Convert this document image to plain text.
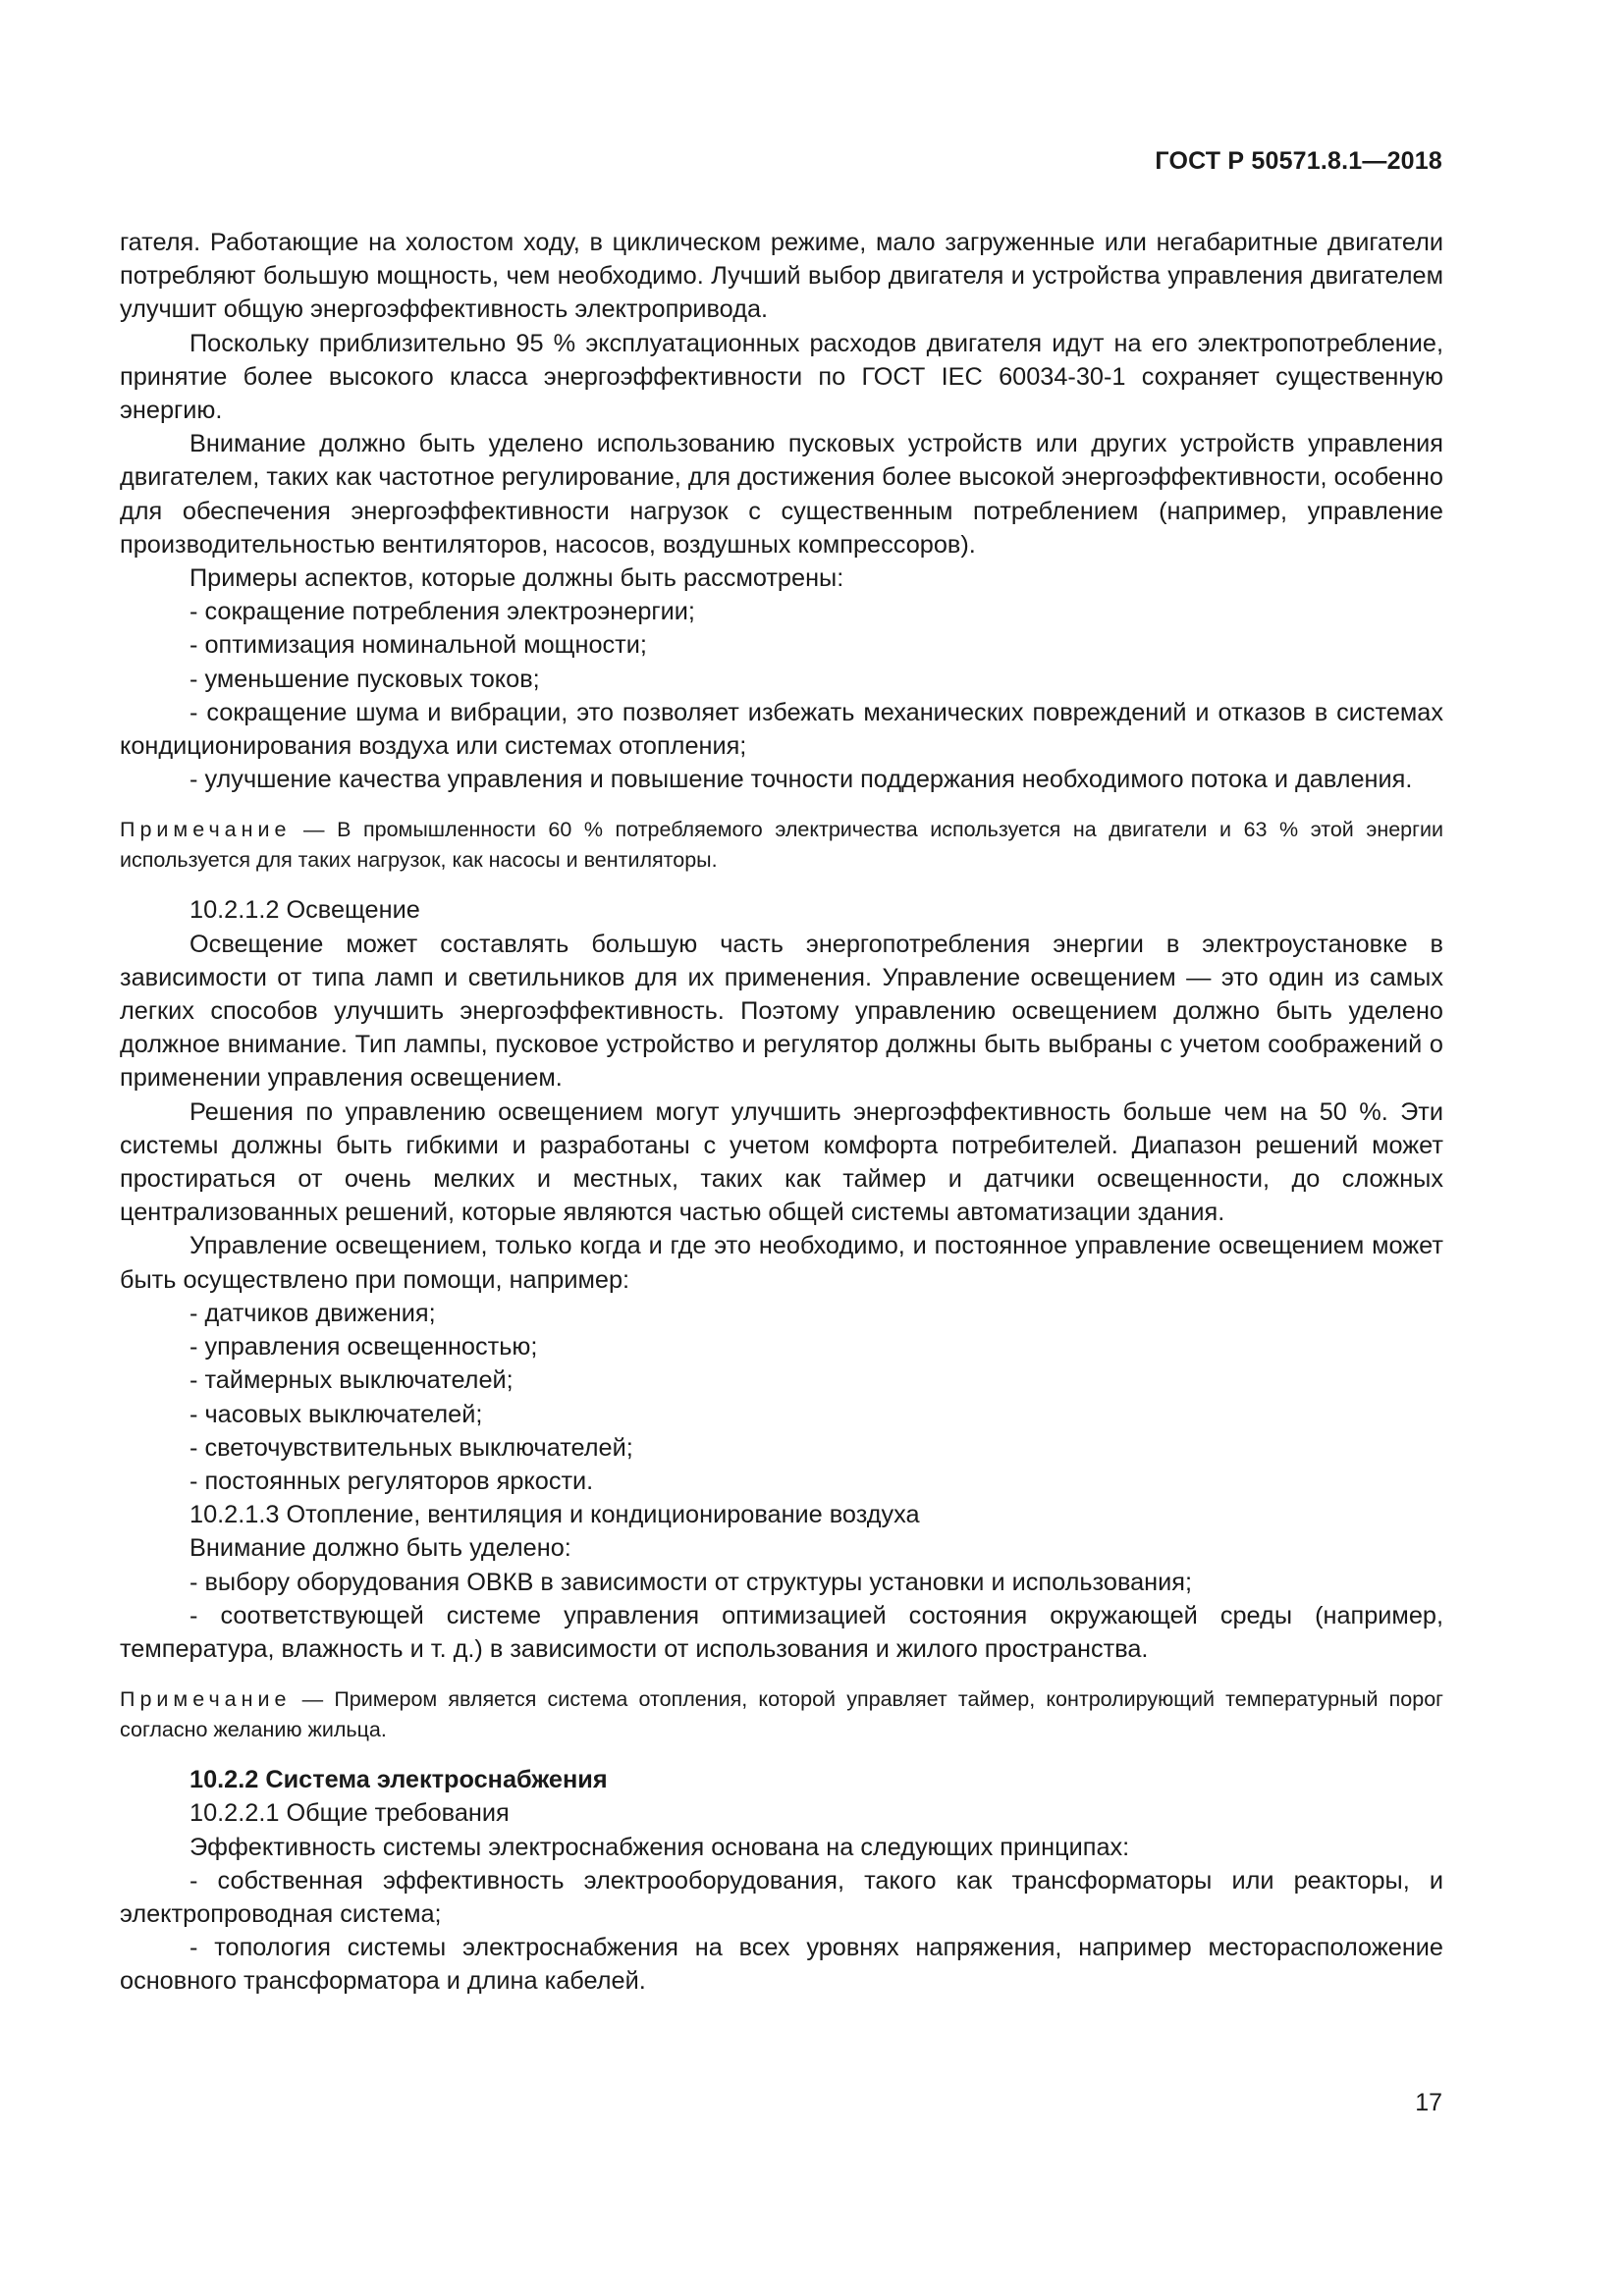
ГОСТ Р 50571.8.1—2018

гателя. Работающие на холостом ходу, в циклическом режиме, мало загруженные или негабаритные двигатели потребляют большую мощность, чем необходимо. Лучший выбор двигателя и устройства управления двигателем улучшит общую энергоэффективность электропривода.

Поскольку приблизительно 95 % эксплуатационных расходов двигателя идут на его электропотребление, принятие более высокого класса энергоэффективности по ГОСТ IEC 60034-30-1 сохраняет существенную энергию.

Внимание должно быть уделено использованию пусковых устройств или других устройств управления двигателем, таких как частотное регулирование, для достижения более высокой энергоэффективности, особенно для обеспечения энергоэффективности нагрузок с существенным потреблением (например, управление производительностью вентиляторов, насосов, воздушных компрессоров).

Примеры аспектов, которые должны быть рассмотрены:

- сокращение потребления электроэнергии;

- оптимизация номинальной мощности;

- уменьшение пусковых токов;

- сокращение шума и вибрации, это позволяет избежать механических повреждений и отказов в системах кондиционирования воздуха или системах отопления;

- улучшение качества управления и повышение точности поддержания необходимого потока и давления.

Примечание — В промышленности 60 % потребляемого электричества используется на двигатели и 63 % этой энергии используется для таких нагрузок, как насосы и вентиляторы.

10.2.1.2 Освещение

Освещение может составлять большую часть энергопотребления энергии в электроустановке в зависимости от типа ламп и светильников для их применения. Управление освещением — это один из самых легких способов улучшить энергоэффективность. Поэтому управлению освещением должно быть уделено должное внимание. Тип лампы, пусковое устройство и регулятор должны быть выбраны с учетом соображений о применении управления освещением.

Решения по управлению освещением могут улучшить энергоэффективность больше чем на 50 %. Эти системы должны быть гибкими и разработаны с учетом комфорта потребителей. Диапазон решений может простираться от очень мелких и местных, таких как таймер и датчики освещенности, до сложных централизованных решений, которые являются частью общей системы автоматизации здания.

Управление освещением, только когда и где это необходимо, и постоянное управление освещением может быть осуществлено при помощи, например:

- датчиков движения;

- управления освещенностью;

- таймерных выключателей;

- часовых выключателей;

- светочувствительных выключателей;

- постоянных регуляторов яркости.

10.2.1.3 Отопление, вентиляция и кондиционирование воздуха

Внимание должно быть уделено:

- выбору оборудования ОВКВ в зависимости от структуры установки и использования;

- соответствующей системе управления оптимизацией состояния окружающей среды (например, температура, влажность и т. д.) в зависимости от использования и жилого пространства.

Примечание — Примером является система отопления, которой управляет таймер, контролирующий температурный порог согласно желанию жильца.

10.2.2 Система электроснабжения

10.2.2.1 Общие требования

Эффективность системы электроснабжения основана на следующих принципах:

- собственная эффективность электрооборудования, такого как трансформаторы или реакторы, и электропроводная система;

- топология системы электроснабжения на всех уровнях напряжения, например месторасположение основного трансформатора и длина кабелей.

17
